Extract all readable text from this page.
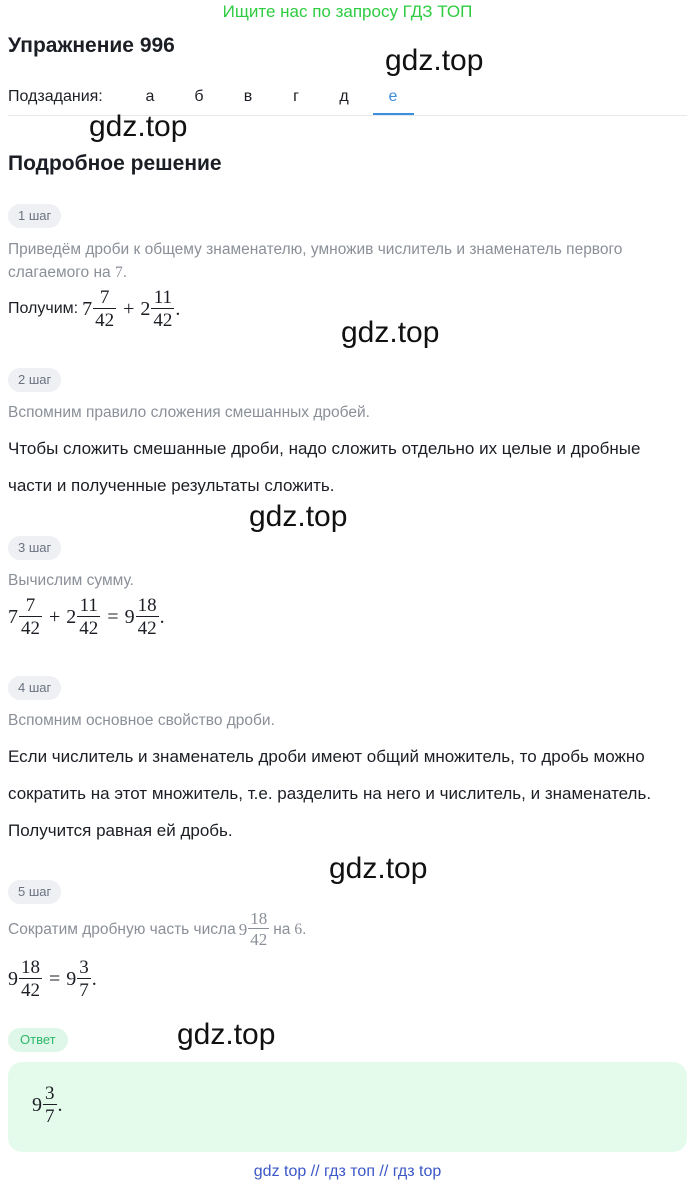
Ищите нас по запросу ГДЗ ТОП
Упражнение 996
Подзадания:	а	б	в	г	д	е
gdz.top
gdz.top
Подробное решение
1 шаг
Приведём дроби к общему знаменателю, умножив числитель и знаменатель первого слагаемого на 7.
Получим: $7 \frac{7}{42} + 2 \frac{11}{42}$ .
gdz.top
2 шаг
Вспомним правило сложения смешанных дробей.
Чтобы сложить смешанные дроби, надо сложить отдельно их целые и дробные части и полученные результаты сложить.
gdz.top
3 шаг
Вычислим сумму.
$7 \frac{7}{42} + 2 \frac{11}{42} = 9 \frac{18}{42}$ .
4 шаг
Вспомним основное свойство дроби.
Если числитель и знаменатель дроби имеют общий множитель, то дробь можно сократить на этот множитель, т.е. разделить на него и числитель, и знаменатель. Получится равная ей дробь.
gdz.top
5 шаг
Сократим дробную часть числа $9 \frac{18}{42}$ на 6 .
$9 \frac{18}{42} = 9 \frac{3}{7}$ .
gdz.top
Ответ
$9 \frac{3}{7}$ .
gdz top // гдз топ // гдз top
